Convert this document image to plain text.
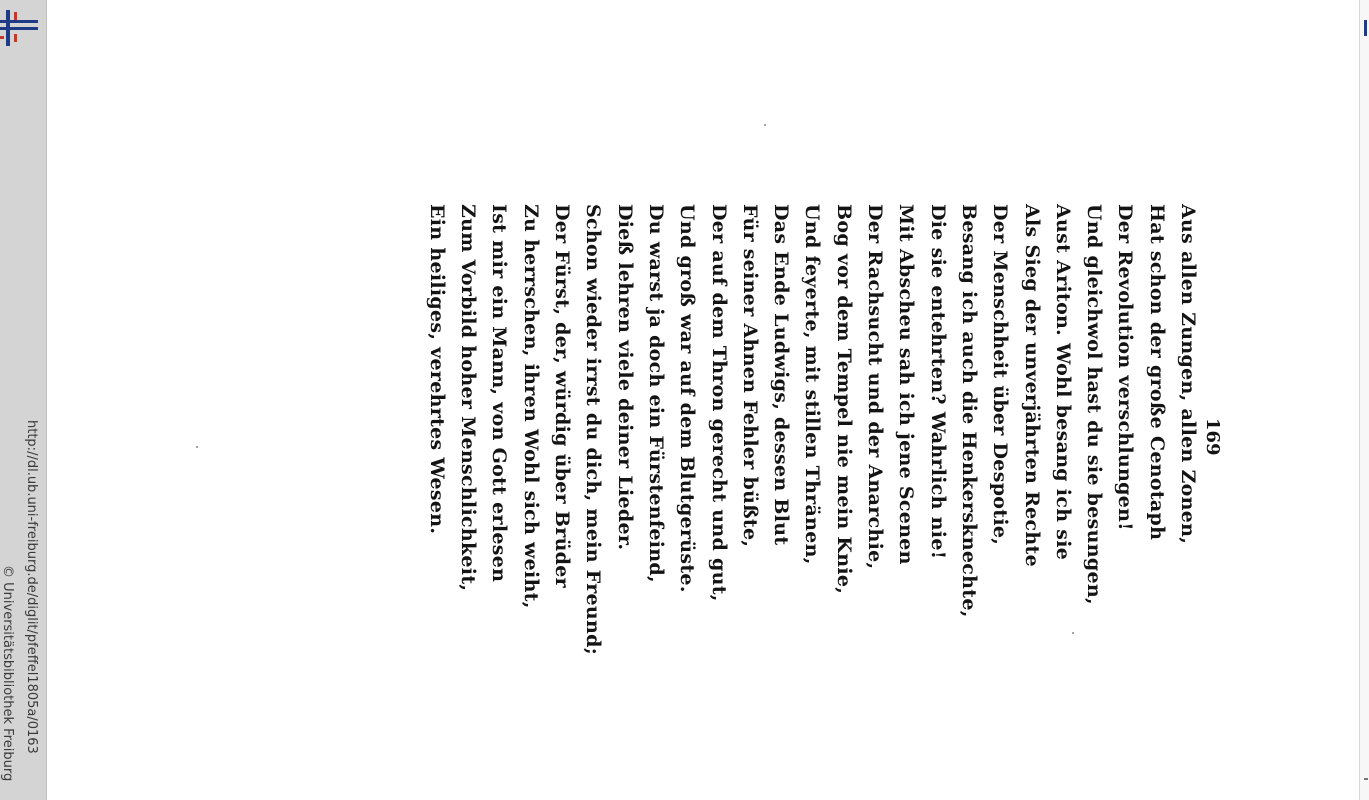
http://dl.ub.uni-freiburg.de/diglit/pfeffel1805a/0163
© Universitätsbibliothek Freiburg
169
Aus allen Zungen, allen Zonen,
Hat schon der große Cenotaph
Der Revolution verschlungen!
Und gleichwol hast du sie besungen,
Aust Ariton. Wohl besang ich sie
Als Sieg der unverjährten Rechte
Der Menschheit über Despotie,
Besang ich auch die Henkersknechte,
Die sie entehrten? Wahrlich nie!
Mit Abscheu sah ich jene Scenen
Der Rachsucht und der Anarchie,
Bog vor dem Tempel nie mein Knie,
Und feyerte, mit stillen Thränen,
Das Ende Ludwigs, dessen Blut
Für seiner Ahnen Fehler büßte,
Der auf dem Thron gerecht und gut,
Und groß war auf dem Blutgerüste.
Du warst ja doch ein Fürstenfeind,
Dieß lehren viele deiner Lieder.
Schon wieder irrst du dich, mein Freund;
Der Fürst, der, würdig über Brüder
Zu herrschen, ihren Wohl sich weiht,
Ist mir ein Mann, von Gott erlesen
Zum Vorbild hoher Menschlichkeit,
Ein heiliges, verehrtes Wesen.
